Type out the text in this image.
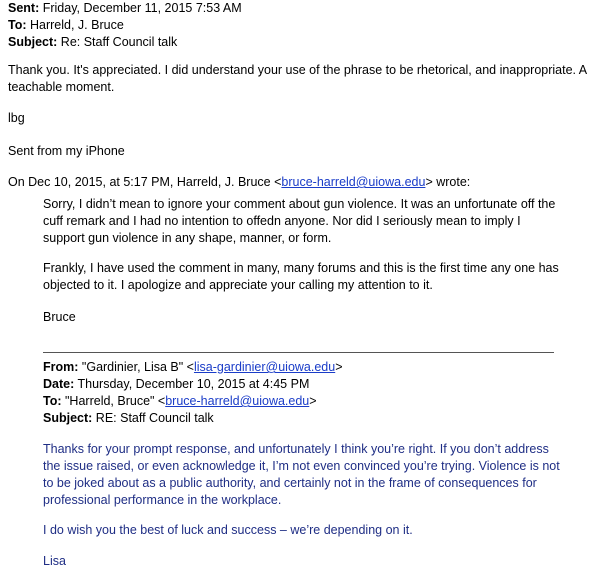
Sent: Friday, December 11, 2015 7:53 AM
To: Harreld, J. Bruce
Subject: Re: Staff Council talk
Thank you. It's appreciated. I did understand your use of the phrase to be rhetorical, and inappropriate. A
teachable moment.
lbg
Sent from my iPhone
On Dec 10, 2015, at 5:17 PM, Harreld, J. Bruce <bruce-harreld@uiowa.edu> wrote:
Sorry, I didn’t mean to ignore your comment about gun violence. It was an unfortunate off the
cuff remark and I had no intention to offedn anyone. Nor did I seriously mean to imply I
support gun violence in any shape, manner, or form.
Frankly, I have used the comment in many, many forums and this is the first time any one has
objected to it. I apologize and appreciate your calling my attention to it.
Bruce
From: "Gardinier, Lisa B" <lisa-gardinier@uiowa.edu>
Date: Thursday, December 10, 2015 at 4:45 PM
To: "Harreld, Bruce" <bruce-harreld@uiowa.edu>
Subject: RE: Staff Council talk
Thanks for your prompt response, and unfortunately I think you’re right. If you don’t address
the issue raised, or even acknowledge it, I’m not even convinced you’re trying. Violence is not
to be joked about as a public authority, and certainly not in the frame of consequences for
professional performance in the workplace.
I do wish you the best of luck and success – we’re depending on it.
Lisa
